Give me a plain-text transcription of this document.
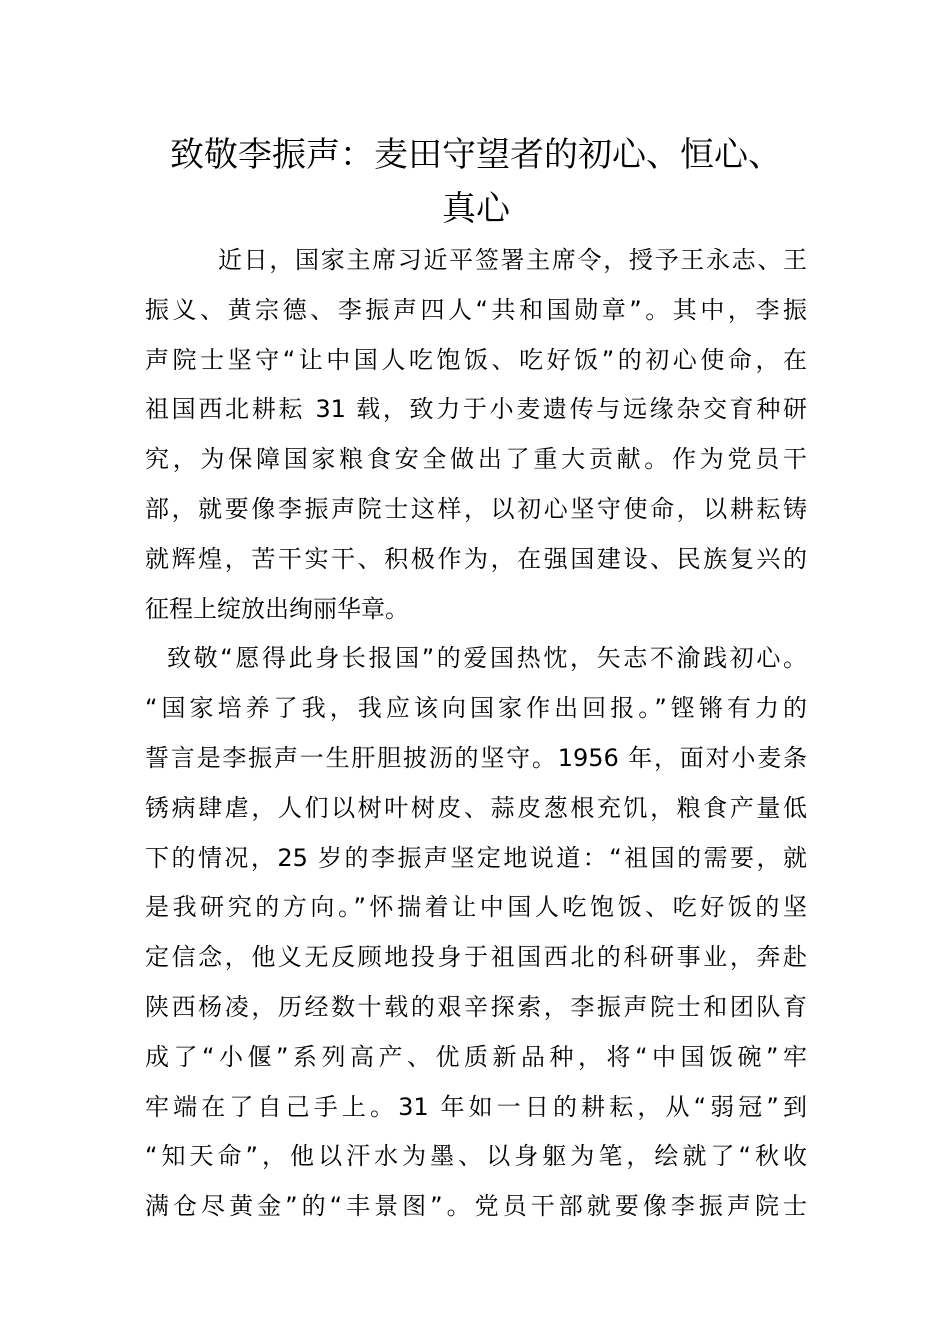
致敬李振声：麦田守望者的初心、恒心、
真心
近日，国家主席习近平签署主席令，授予王永志、王
振义、黄宗德、李振声四人“共和国勋章”。其中，李振
声院士坚守“让中国人吃饱饭、吃好饭”的初心使命，在
祖国西北耕耘 31 载，致力于小麦遗传与远缘杂交育种研
究，为保障国家粮食安全做出了重大贡献。作为党员干
部，就要像李振声院士这样，以初心坚守使命，以耕耘铸
就辉煌，苦干实干、积极作为，在强国建设、民族复兴的
征程上绽放出绚丽华章。
致敬“愿得此身长报国”的爱国热忱，矢志不渝践初心。
“国家培养了我，我应该向国家作出回报。”铿锵有力的
誓言是李振声一生肝胆披沥的坚守。1956 年，面对小麦条
锈病肆虐，人们以树叶树皮、蒜皮葱根充饥，粮食产量低
下的情况，25 岁的李振声坚定地说道：“祖国的需要，就
是我研究的方向。”怀揣着让中国人吃饱饭、吃好饭的坚
定信念，他义无反顾地投身于祖国西北的科研事业，奔赴
陕西杨凌，历经数十载的艰辛探索，李振声院士和团队育
成了“小偃”系列高产、优质新品种，将“中国饭碗”牢
牢端在了自己手上。31 年如一日的耕耘，从“弱冠”到
“知天命”，他以汗水为墨、以身躯为笔，绘就了“秋收
满仓尽黄金”的“丰景图”。党员干部就要像李振声院士
